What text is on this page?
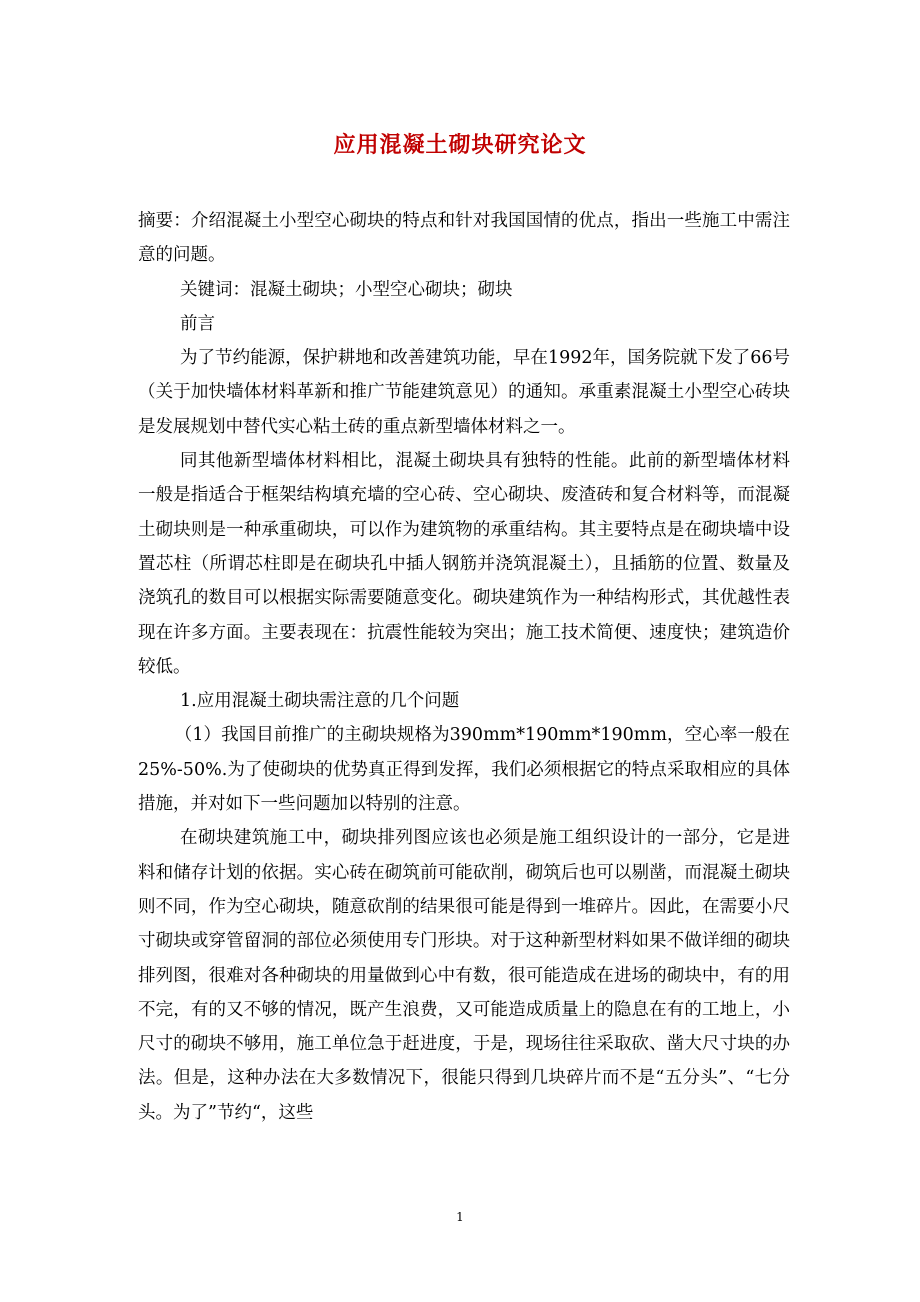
应用混凝土砌块研究论文

摘要：介绍混凝土小型空心砌块的特点和针对我国国情的优点，指出一些施工中需注意的问题。

关键词：混凝土砌块；小型空心砌块；砌块

前言

为了节约能源，保护耕地和改善建筑功能，早在1992年，国务院就下发了66号（关于加快墙体材料革新和推广节能建筑意见）的通知。承重素混凝土小型空心砖块是发展规划中替代实心粘土砖的重点新型墙体材料之一。

同其他新型墙体材料相比，混凝土砌块具有独特的性能。此前的新型墙体材料一般是指适合于框架结构填充墙的空心砖、空心砌块、废渣砖和复合材料等，而混凝土砌块则是一种承重砌块，可以作为建筑物的承重结构。其主要特点是在砌块墙中设置芯柱（所谓芯柱即是在砌块孔中插人钢筋并浇筑混凝土），且插筋的位置、数量及浇筑孔的数目可以根据实际需要随意变化。砌块建筑作为一种结构形式，其优越性表现在许多方面。主要表现在：抗震性能较为突出；施工技术简便、速度快；建筑造价较低。

1.应用混凝土砌块需注意的几个问题

（1）我国目前推广的主砌块规格为390mm*190mm*190mm，空心率一般在25%-50%.为了使砌块的优势真正得到发挥，我们必须根据它的特点采取相应的具体措施，并对如下一些问题加以特别的注意。

在砌块建筑施工中，砌块排列图应该也必须是施工组织设计的一部分，它是进料和储存计划的依据。实心砖在砌筑前可能砍削，砌筑后也可以剔凿，而混凝土砌块则不同，作为空心砌块，随意砍削的结果很可能是得到一堆碎片。因此，在需要小尺寸砌块或穿管留洞的部位必须使用专门形块。对于这种新型材料如果不做详细的砌块排列图，很难对各种砌块的用量做到心中有数，很可能造成在进场的砌块中，有的用不完，有的又不够的情况，既产生浪费，又可能造成质量上的隐息在有的工地上，小尺寸的砌块不够用，施工单位急于赶进度，于是，现场往往采取砍、凿大尺寸块的办法。但是，这种办法在大多数情况下，很能只得到几块碎片而不是“五分头”、“七分头。为了”节约“，这些

1
